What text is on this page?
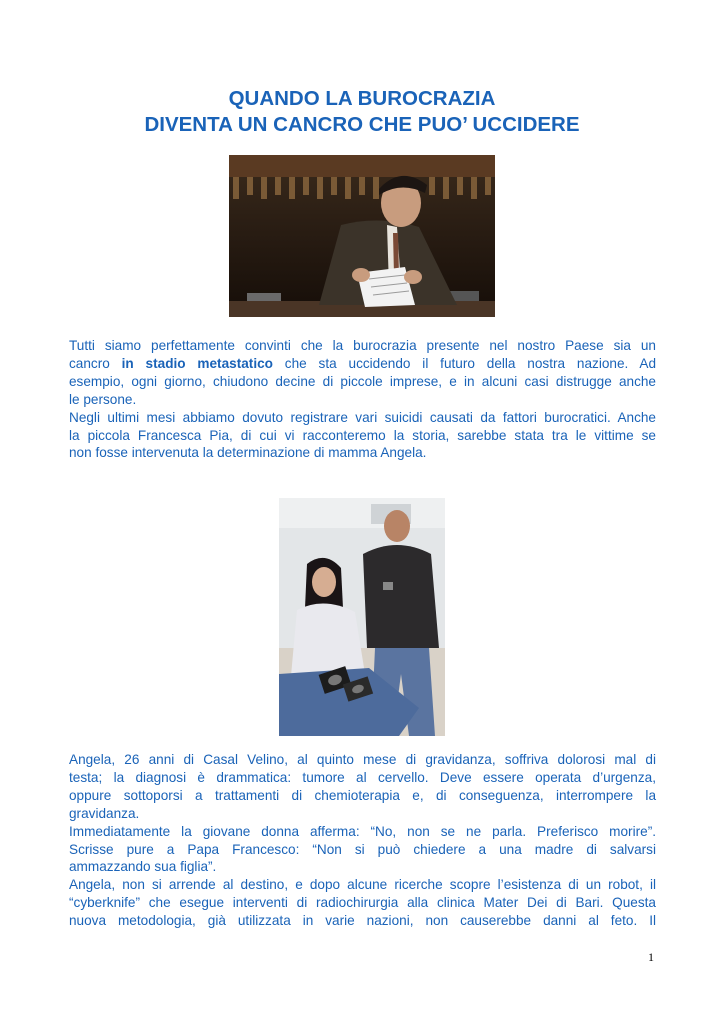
QUANDO LA BUROCRAZIA
DIVENTA UN CANCRO CHE PUO’ UCCIDERE

Tutti siamo perfettamente convinti che la burocrazia presente nel nostro Paese sia un
cancro in stadio metastatico che sta uccidendo il futuro della nostra nazione. Ad
esempio, ogni giorno, chiudono decine di piccole imprese, e in alcuni casi distrugge anche
le persone.
Negli ultimi mesi abbiamo dovuto registrare vari suicidi causati da fattori burocratici. Anche
la piccola Francesca Pia, di cui vi racconteremo la storia, sarebbe stata tra le vittime se
non fosse intervenuta la determinazione di mamma Angela.

Angela, 26 anni di Casal Velino, al quinto mese di gravidanza, soffriva dolorosi mal di
testa; la diagnosi è drammatica: tumore al cervello. Deve essere operata d’urgenza,
oppure sottoporsi a trattamenti di chemioterapia e, di conseguenza, interrompere la
gravidanza.
Immediatamente la giovane donna afferma: “No, non se ne parla. Preferisco morire”.
Scrisse pure a Papa Francesco: “Non si può chiedere a una madre di salvarsi
ammazzando sua figlia”.
Angela, non si arrende al destino, e dopo alcune ricerche scopre l’esistenza di un robot, il
“cyberknife” che esegue interventi di radiochirurgia alla clinica Mater Dei di Bari. Questa
nuova metodologia, già utilizzata in varie nazioni, non causerebbe danni al feto. Il

1
